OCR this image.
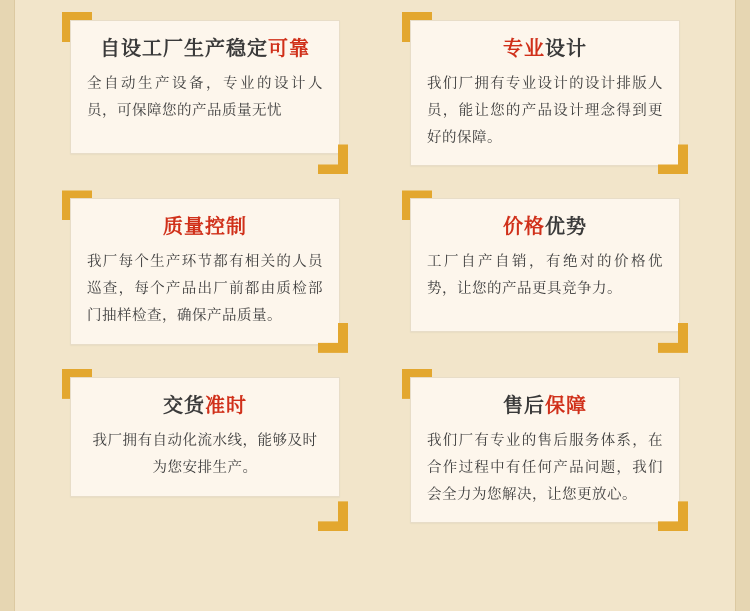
自设工厂生产稳定可靠
全自动生产设备，专业的设计人员，可保障您的产品质量无忧
专业设计
我们厂拥有专业设计的设计排版人员，能让您的产品设计理念得到更好的保障。
质量控制
我厂每个生产环节都有相关的人员巡查，每个产品出厂前都由质检部门抽样检查，确保产品质量。
价格优势
工厂自产自销，有绝对的价格优势，让您的产品更具竞争力。
交货准时
我厂拥有自动化流水线，能够及时为您安排生产。
售后保障
我们厂有专业的售后服务体系，在合作过程中有任何产品问题，我们会全力为您解决，让您更放心。
